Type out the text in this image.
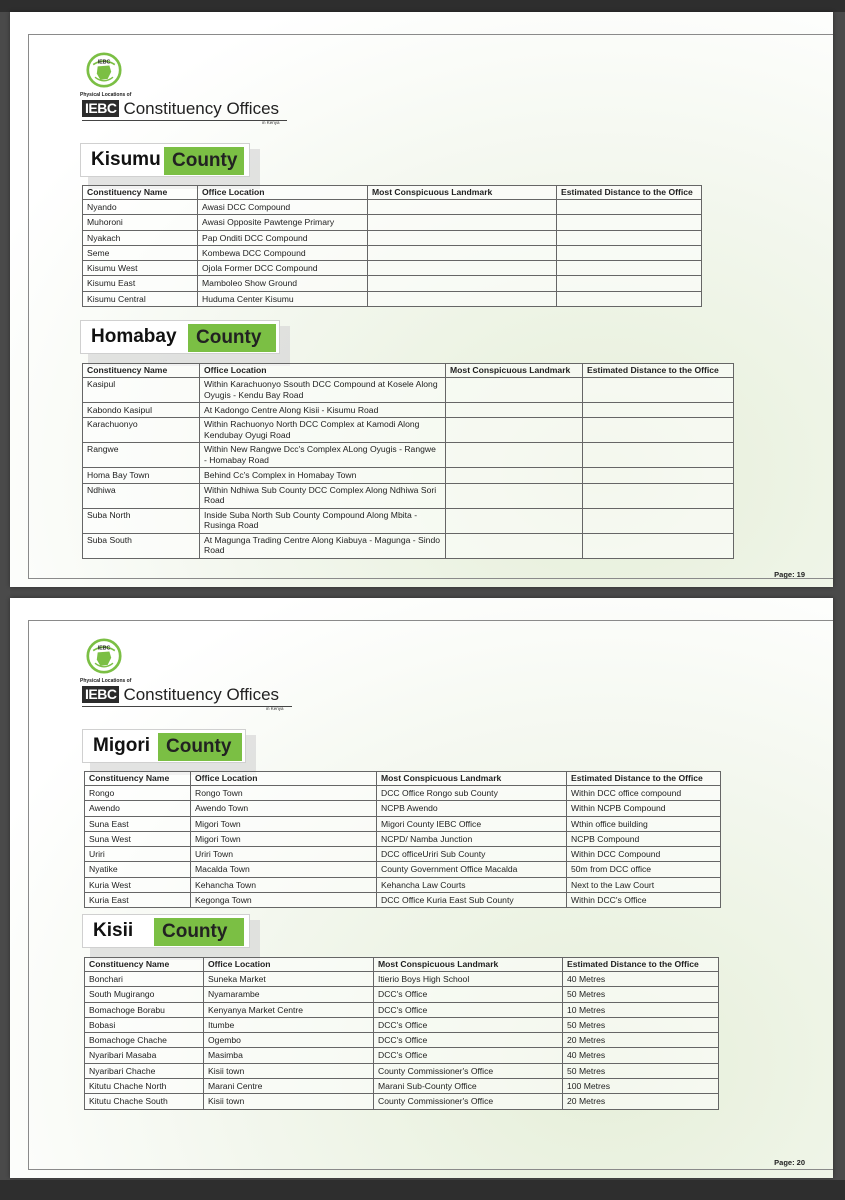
IEBC
Physical Locations of
IEBC Constituency Offices
in Kenya
Kisumu County
Constituency Name	Office Location	Most Conspicuous Landmark	Estimated Distance to the Office
Nyando	Awasi DCC Compound		
Muhoroni	Awasi Opposite Pawtenge Primary		
Nyakach	Pap Onditi DCC Compound		
Seme	Kombewa DCC Compound		
Kisumu West	Ojola Former DCC Compound		
Kisumu East	Mamboleo Show Ground		
Kisumu Central	Huduma Center Kisumu		
Homabay	County
Constituency Name	Office Location	Most Conspicuous Landmark	Estimated Distance to the Office
Kasipul	Within Karachuonyo Ssouth DCC Compound at Kosele Along Oyugis - Kendu Bay Road		
Kabondo Kasipul	At Kadongo Centre Along Kisii - Kisumu Road		
Karachuonyo	Within Rachuonyo North DCC Complex at Kamodi Along Kendubay Oyugi Road		
Rangwe	Within New Rangwe Dcc's Complex ALong Oyugis - Rangwe - Homabay Road		
Homa Bay Town	Behind Cc's Complex in Homabay Town		
Ndhiwa	Within Ndhiwa Sub County DCC Complex Along Ndhiwa Sori Road		
Suba North	Inside Suba North Sub County Compound Along Mbita - Rusinga Road		
Suba South	At Magunga Trading Centre Along Kiabuya - Magunga - Sindo Road		
Page: 19
IEBC
Physical Locations of
IEBC Constituency Offices
in Kenya
Migori County
Constituency Name	Office Location	Most Conspicuous Landmark	Estimated Distance to the Office
Rongo	Rongo Town	DCC Office Rongo sub County	Within DCC office compound
Awendo	Awendo Town	NCPB Awendo	Within NCPB Compound
Suna East	Migori Town	Migori County IEBC Office	Wthin office building
Suna West	Migori Town	NCPD/ Namba Junction	NCPB Compound
Uriri	Uriri Town	DCC officeUriri Sub County	Within DCC Compound
Nyatike	Macalda Town	County Government Office Macalda	50m from DCC office
Kuria West	Kehancha Town	Kehancha Law Courts	Next to the Law Court
Kuria East	Kegonga Town	DCC Office Kuria East Sub County	Within DCC's Office
Kisii	County
Constituency Name	Office Location	Most Conspicuous Landmark	Estimated Distance to the Office
Bonchari	Suneka Market	Itierio Boys High School	40 Metres
South Mugirango	Nyamarambe	DCC's Office	50 Metres
Bomachoge Borabu	Kenyanya Market Centre	DCC's Office	10 Metres
Bobasi	Itumbe	DCC's Office	50 Metres
Bomachoge Chache	Ogembo	DCC's Office	20 Metres
Nyaribari Masaba	Masimba	DCC's Office	40 Metres
Nyaribari Chache	Kisii town	County Commissioner's Office	50 Metres
Kitutu Chache North	Marani Centre	Marani Sub-County Office	100 Metres
Kitutu Chache South	Kisii town	County Commissioner's Office	20 Metres
Page: 20
